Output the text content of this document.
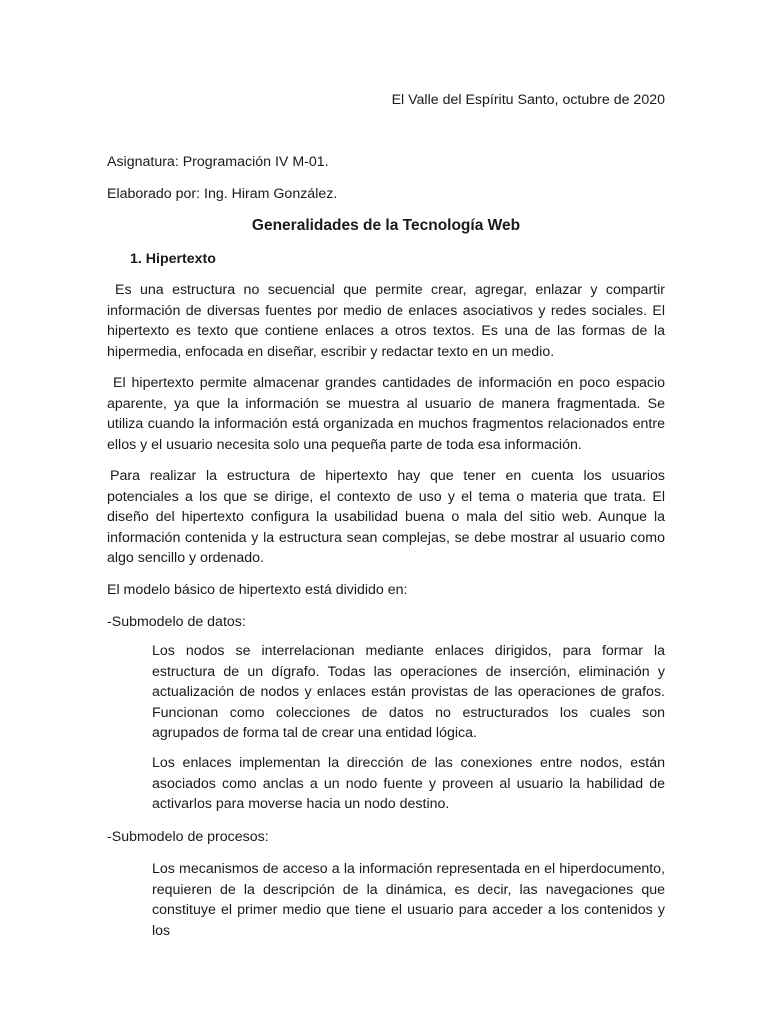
El Valle del Espíritu Santo, octubre de 2020

Asignatura: Programación IV M-01.

Elaborado por: Ing. Hiram González.

Generalidades de la Tecnología Web

1. Hipertexto

Es una estructura no secuencial que permite crear, agregar, enlazar y compartir información de diversas fuentes por medio de enlaces asociativos y redes sociales. El hipertexto es texto que contiene enlaces a otros textos. Es una de las formas de la hipermedia, enfocada en diseñar, escribir y redactar texto en un medio.

El hipertexto permite almacenar grandes cantidades de información en poco espacio aparente, ya que la información se muestra al usuario de manera fragmentada. Se utiliza cuando la información está organizada en muchos fragmentos relacionados entre ellos y el usuario necesita solo una pequeña parte de toda esa información.

Para realizar la estructura de hipertexto hay que tener en cuenta los usuarios potenciales a los que se dirige, el contexto de uso y el tema o materia que trata. El diseño del hipertexto configura la usabilidad buena o mala del sitio web. Aunque la información contenida y la estructura sean complejas, se debe mostrar al usuario como algo sencillo y ordenado.

El modelo básico de hipertexto está dividido en:

-Submodelo de datos:

Los nodos se interrelacionan mediante enlaces dirigidos, para formar la estructura de un dígrafo. Todas las operaciones de inserción, eliminación y actualización de nodos y enlaces están provistas de las operaciones de grafos. Funcionan como colecciones de datos no estructurados los cuales son agrupados de forma tal de crear una entidad lógica.

Los enlaces implementan la dirección de las conexiones entre nodos, están asociados como anclas a un nodo fuente y proveen al usuario la habilidad de activarlos para moverse hacia un nodo destino.

-Submodelo de procesos:

Los mecanismos de acceso a la información representada en el hiperdocumento, requieren de la descripción de la dinámica, es decir, las navegaciones que constituye el primer medio que tiene el usuario para acceder a los contenidos y los
